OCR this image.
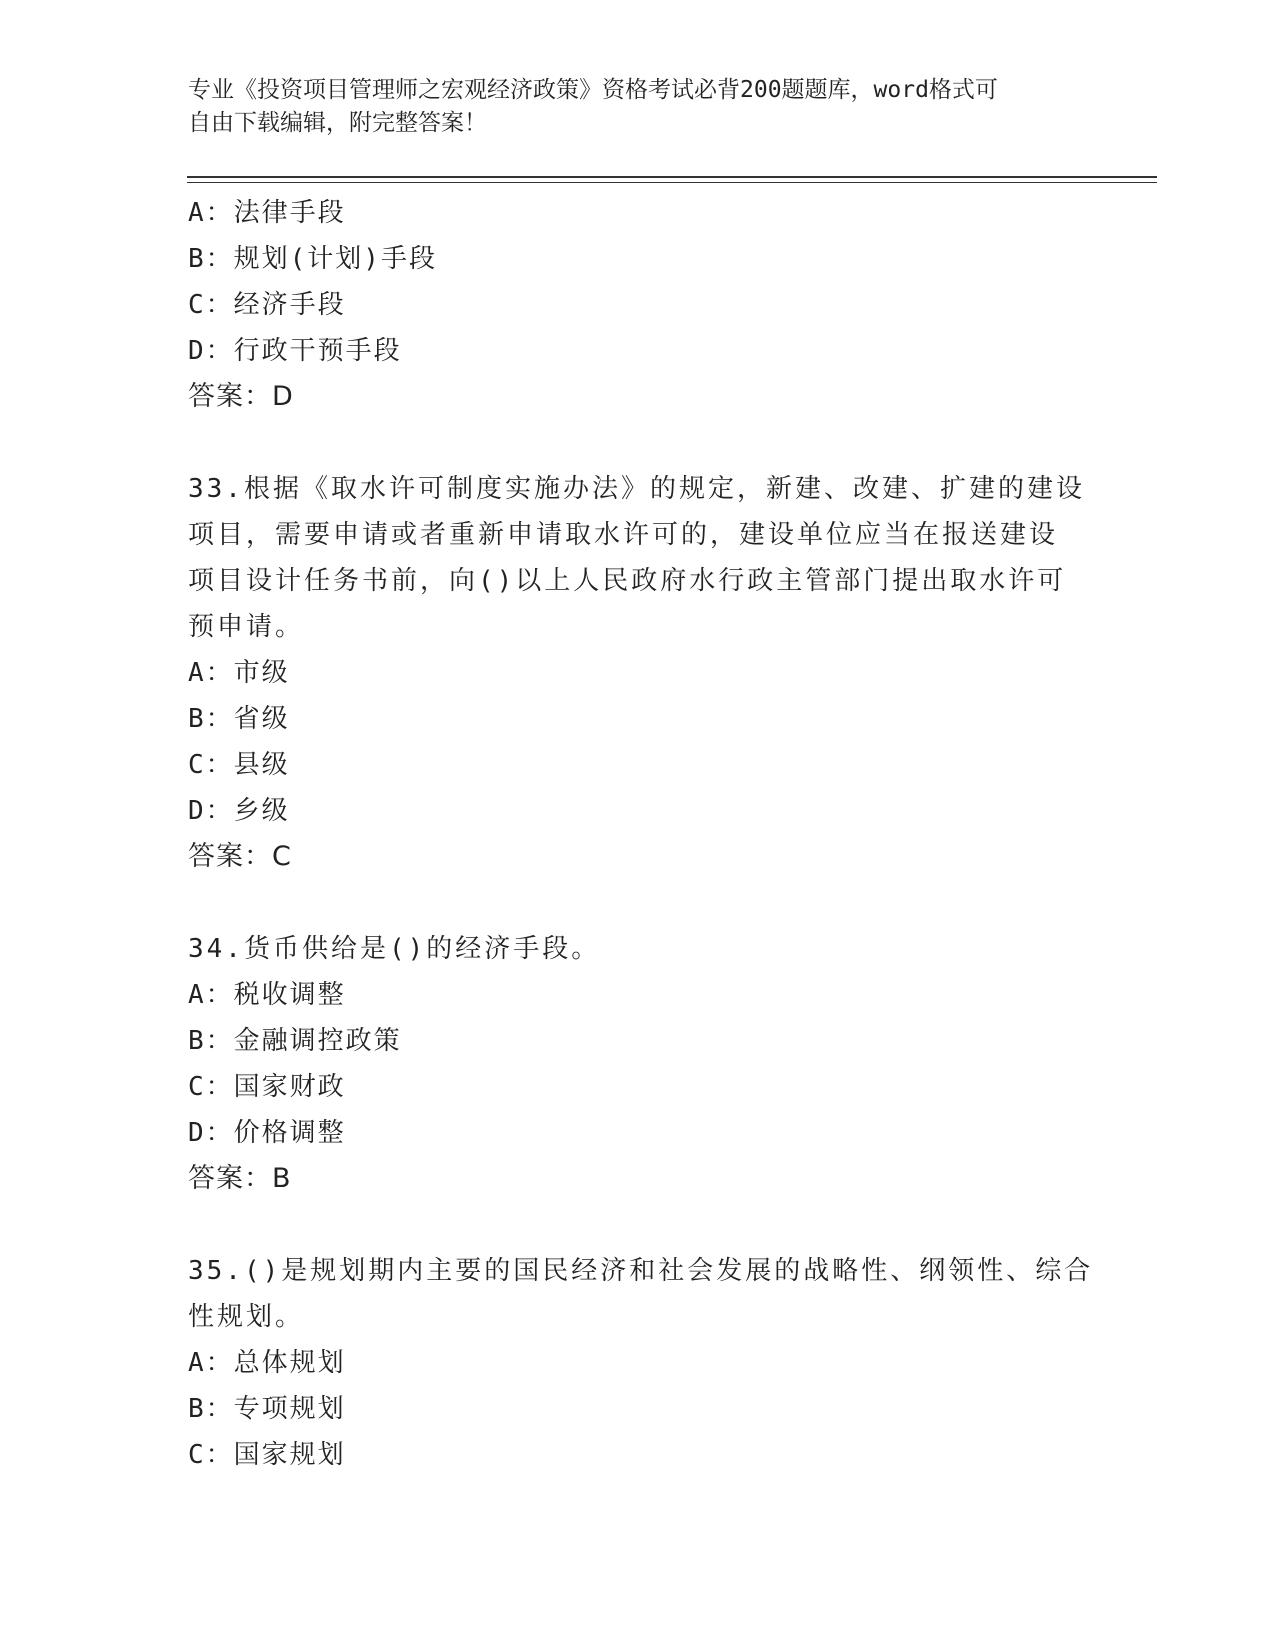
专业《投资项目管理师之宏观经济政策》资格考试必背200题题库，word格式可
自由下载编辑，附完整答案！
A：法律手段
B：规划(计划)手段
C：经济手段
D：行政干预手段
答案：D
33.根据《取水许可制度实施办法》的规定，新建、改建、扩建的建设
项目，需要申请或者重新申请取水许可的，建设单位应当在报送建设
项目设计任务书前，向()以上人民政府水行政主管部门提出取水许可
预申请。
A：市级
B：省级
C：县级
D：乡级
答案：C
34.货币供给是()的经济手段。
A：税收调整
B：金融调控政策
C：国家财政
D：价格调整
答案：B
35.()是规划期内主要的国民经济和社会发展的战略性、纲领性、综合
性规划。
A：总体规划
B：专项规划
C：国家规划
